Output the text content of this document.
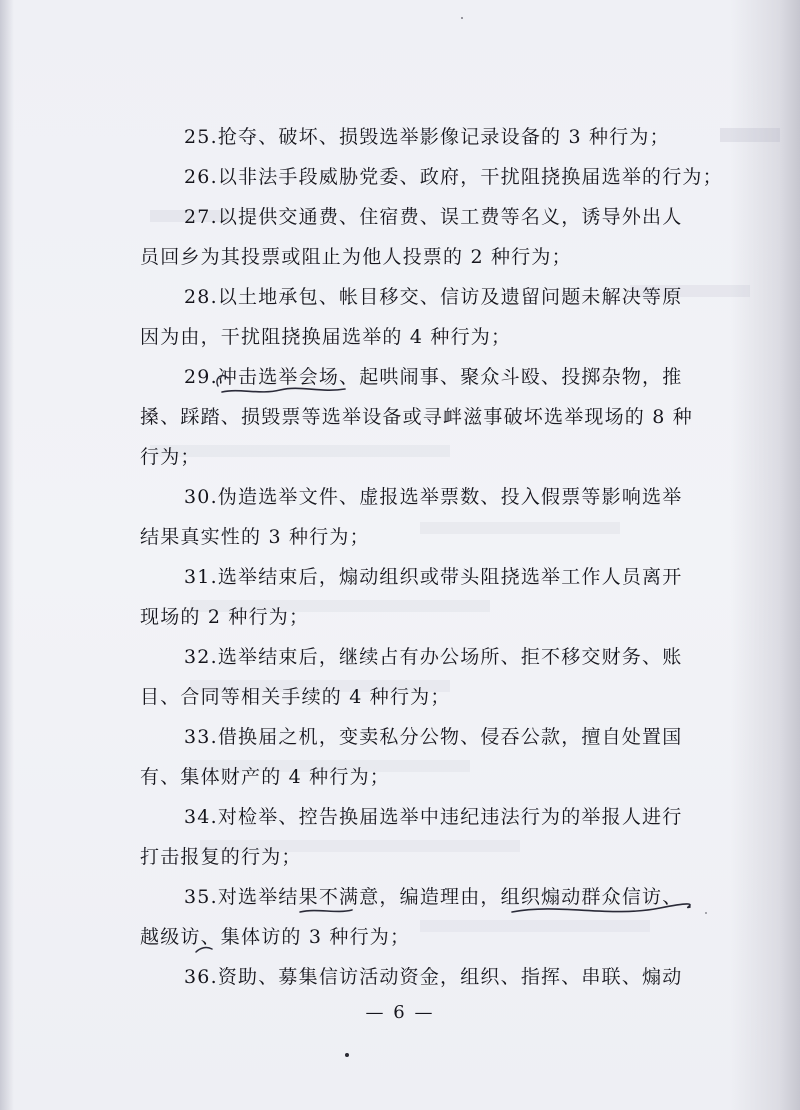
25.抢夺、破坏、损毁选举影像记录设备的 3 种行为；
26.以非法手段威胁党委、政府，干扰阻挠换届选举的行为；
27.以提供交通费、住宿费、误工费等名义，诱导外出人
员回乡为其投票或阻止为他人投票的 2 种行为；
28.以土地承包、帐目移交、信访及遗留问题未解决等原
因为由，干扰阻挠换届选举的 4 种行为；
29.冲击选举会场、起哄闹事、聚众斗殴、投掷杂物，推
搡、踩踏、损毁票等选举设备或寻衅滋事破坏选举现场的 8 种
行为；
30.伪造选举文件、虚报选举票数、投入假票等影响选举
结果真实性的 3 种行为；
31.选举结束后，煽动组织或带头阻挠选举工作人员离开
现场的 2 种行为；
32.选举结束后，继续占有办公场所、拒不移交财务、账
目、合同等相关手续的 4 种行为；
33.借换届之机，变卖私分公物、侵吞公款，擅自处置国
有、集体财产的 4 种行为；
34.对检举、控告换届选举中违纪违法行为的举报人进行
打击报复的行为；
35.对选举结果不满意，编造理由，组织煽动群众信访、
越级访、集体访的 3 种行为；
36.资助、募集信访活动资金，组织、指挥、串联、煽动
— 6 —
